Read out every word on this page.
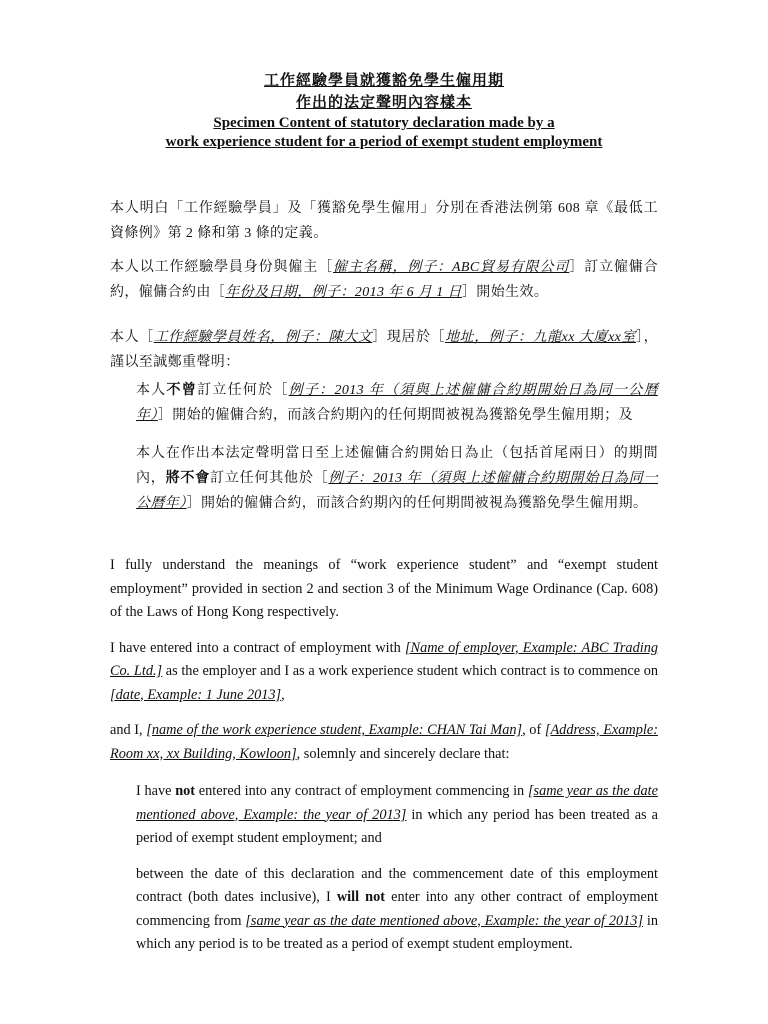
工作經驗學員就獲豁免學生僱用期
作出的法定聲明內容樣本
Specimen Content of statutory declaration made by a
work experience student for a period of exempt student employment

本人明白「工作經驗學員」及「獲豁免學生僱用」分別在香港法例第 608 章《最低工資條例》第 2 條和第 3 條的定義。

本人以工作經驗學員身份與僱主［僱主名稱，例子：ABC貿易有限公司］訂立僱傭合約，僱傭合約由［年份及日期，例子：2013 年 6 月 1 日］開始生效。

本人［工作經驗學員姓名，例子：陳大文］現居於［地址，例子：九龍xx 大廈xx室］，謹以至誠鄭重聲明：

本人不曾訂立任何於［例子：2013 年（須與上述僱傭合約期開始日為同一公曆年）］開始的僱傭合約，而該合約期內的任何期間被視為獲豁免學生僱用期；及

本人在作出本法定聲明當日至上述僱傭合約開始日為止（包括首尾兩日）的期間內，將不會訂立任何其他於［例子：2013 年（須與上述僱傭合約期開始日為同一公曆年）］開始的僱傭合約，而該合約期內的任何期間被視為獲豁免學生僱用期。

I fully understand the meanings of “work experience student” and “exempt student employment” provided in section 2 and section 3 of the Minimum Wage Ordinance (Cap. 608) of the Laws of Hong Kong respectively.

I have entered into a contract of employment with [Name of employer, Example: ABC Trading Co. Ltd.] as the employer and I as a work experience student which contract is to commence on [date, Example: 1 June 2013],

and I, [name of the work experience student, Example: CHAN Tai Man], of [Address, Example: Room xx, xx Building, Kowloon], solemnly and sincerely declare that:

I have not entered into any contract of employment commencing in [same year as the date mentioned above, Example: the year of 2013] in which any period has been treated as a period of exempt student employment; and

between the date of this declaration and the commencement date of this employment contract (both dates inclusive), I will not enter into any other contract of employment commencing from [same year as the date mentioned above, Example: the year of 2013] in which any period is to be treated as a period of exempt student employment.
